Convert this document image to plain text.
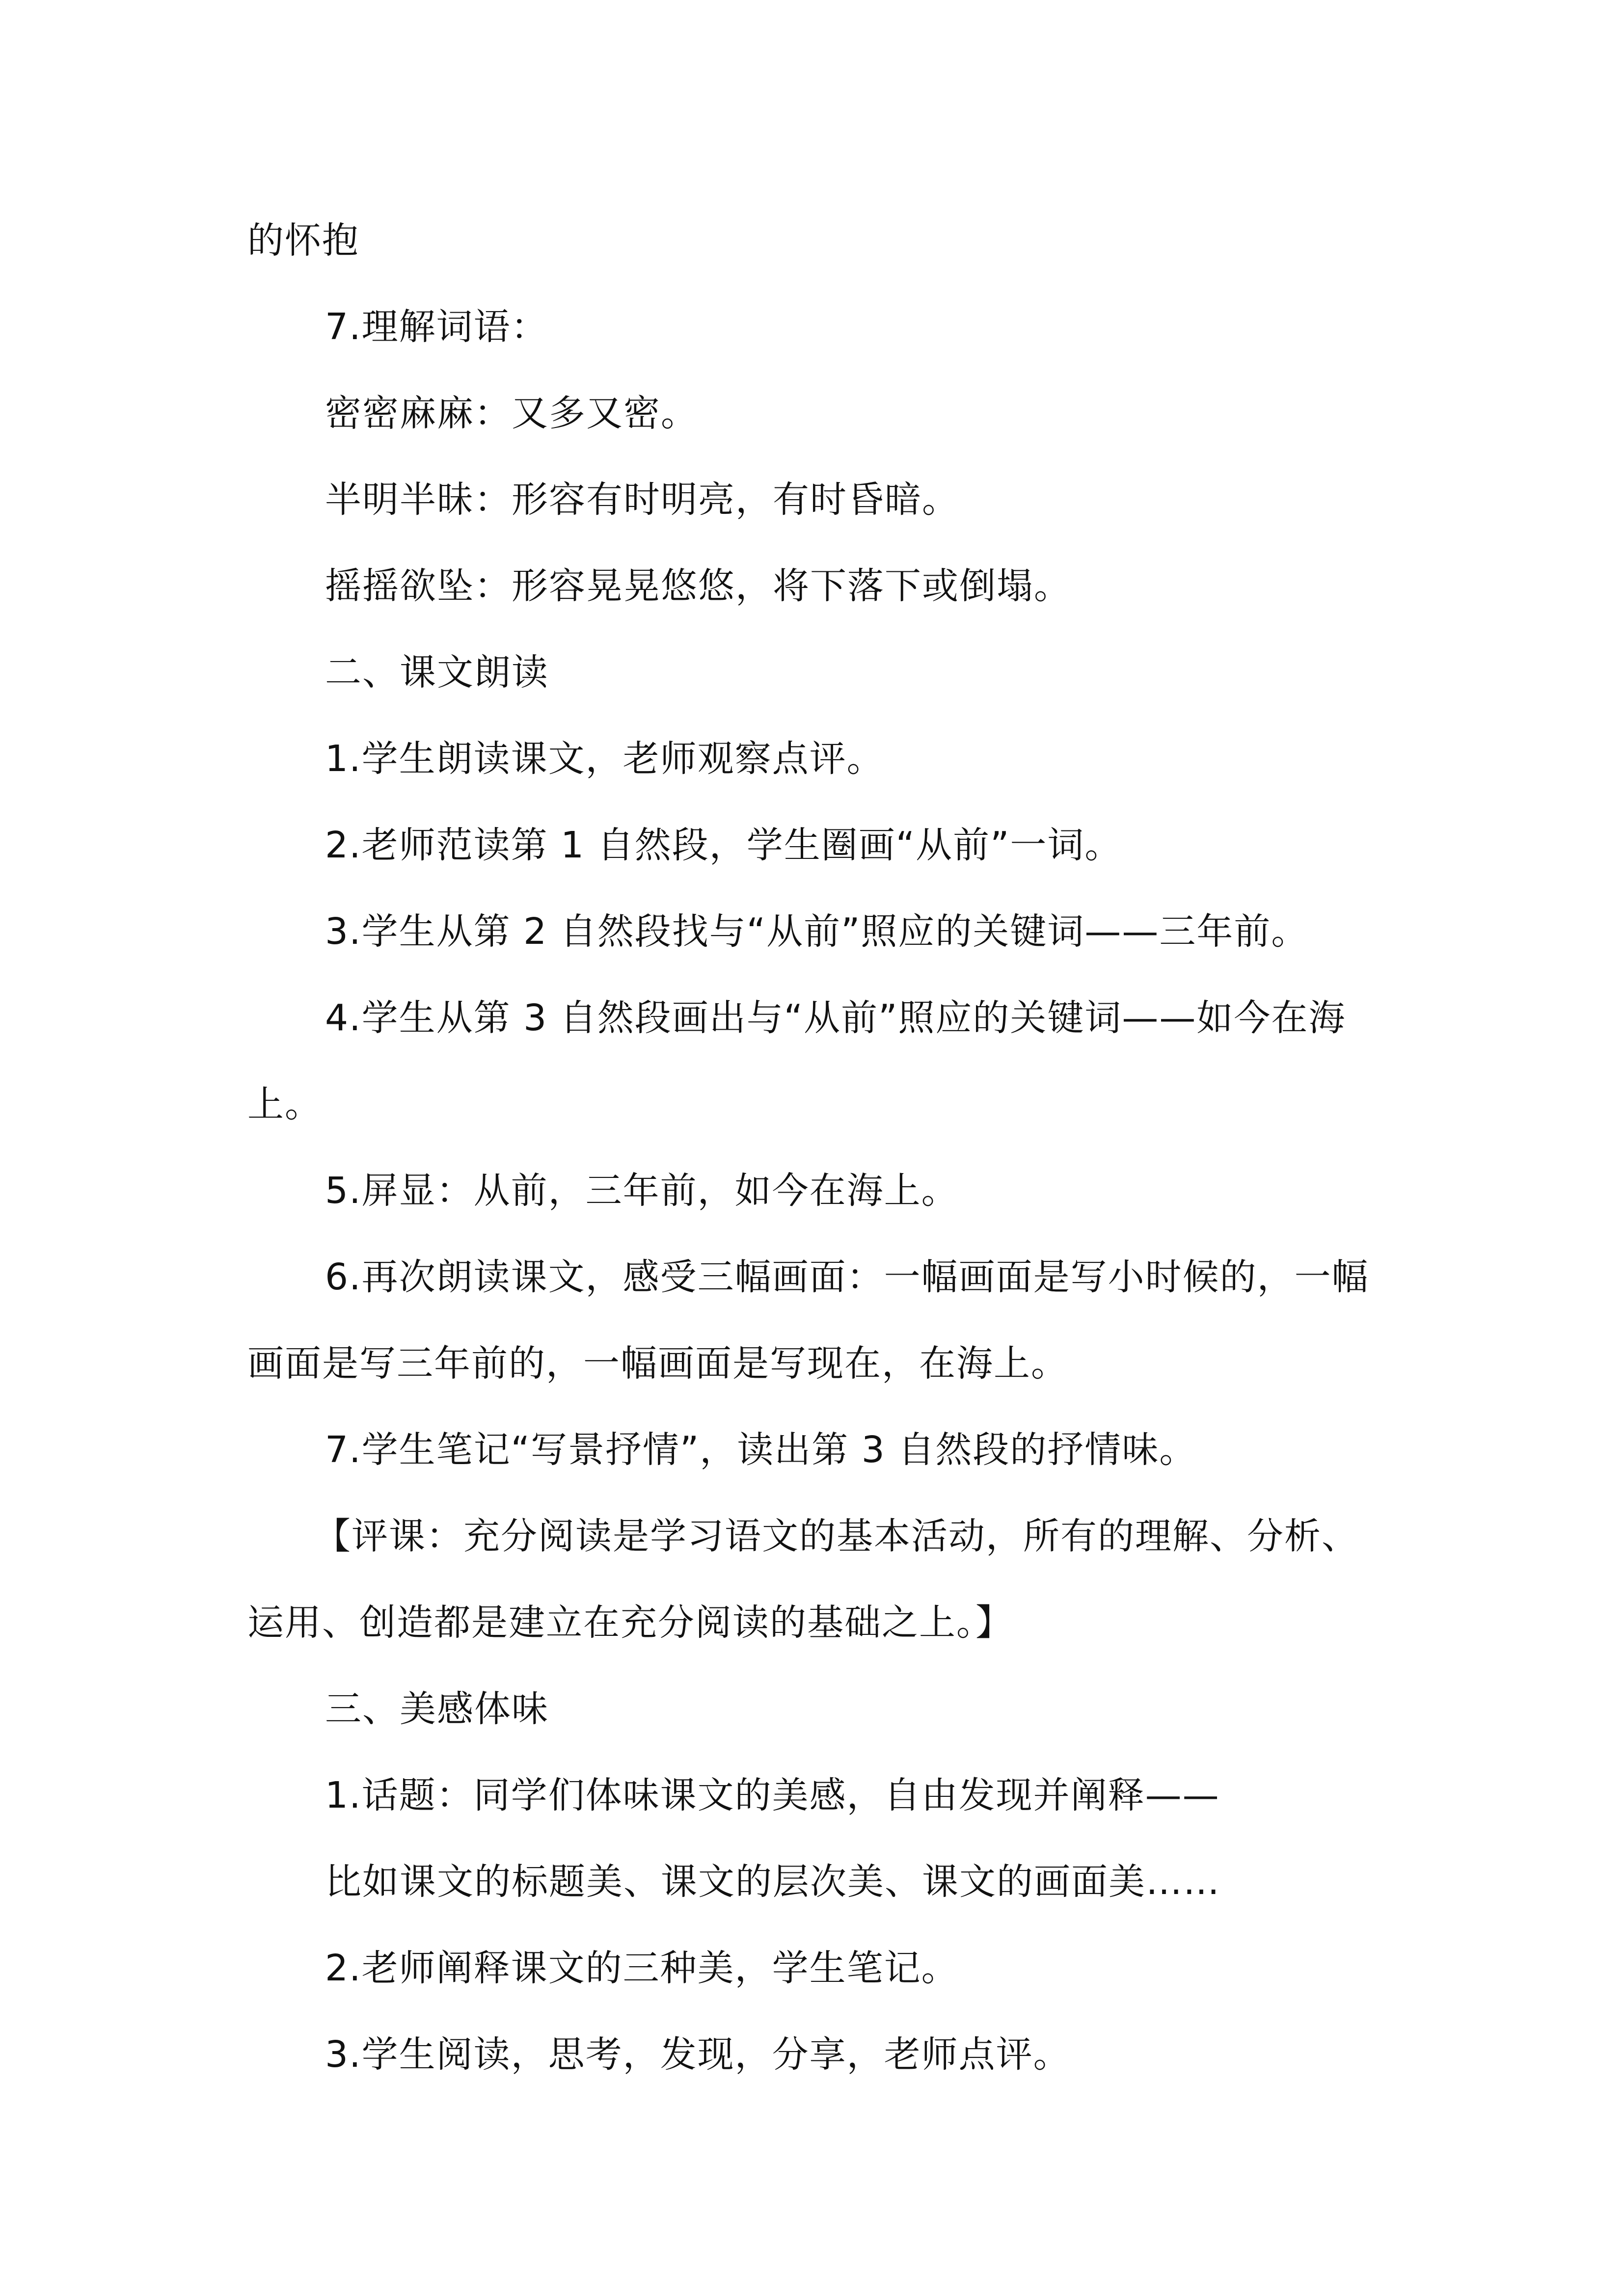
的怀抱
7.理解词语：
密密麻麻：又多又密。
半明半昧：形容有时明亮，有时昏暗。
摇摇欲坠：形容晃晃悠悠，将下落下或倒塌。
二、课文朗读
1.学生朗读课文，老师观察点评。
2.老师范读第 1 自然段，学生圈画“从前”一词。
3.学生从第 2 自然段找与“从前”照应的关键词——三年前。
4.学生从第 3 自然段画出与“从前”照应的关键词——如今在海
上。
5.屏显：从前，三年前，如今在海上。
6.再次朗读课文，感受三幅画面：一幅画面是写小时候的，一幅
画面是写三年前的，一幅画面是写现在，在海上。
7.学生笔记“写景抒情”，读出第 3 自然段的抒情味。
【评课：充分阅读是学习语文的基本活动，所有的理解、分析、
运用、创造都是建立在充分阅读的基础之上。】
三、美感体味
1.话题：同学们体味课文的美感，自由发现并阐释——
比如课文的标题美、课文的层次美、课文的画面美……
2.老师阐释课文的三种美，学生笔记。
3.学生阅读，思考，发现，分享，老师点评。
